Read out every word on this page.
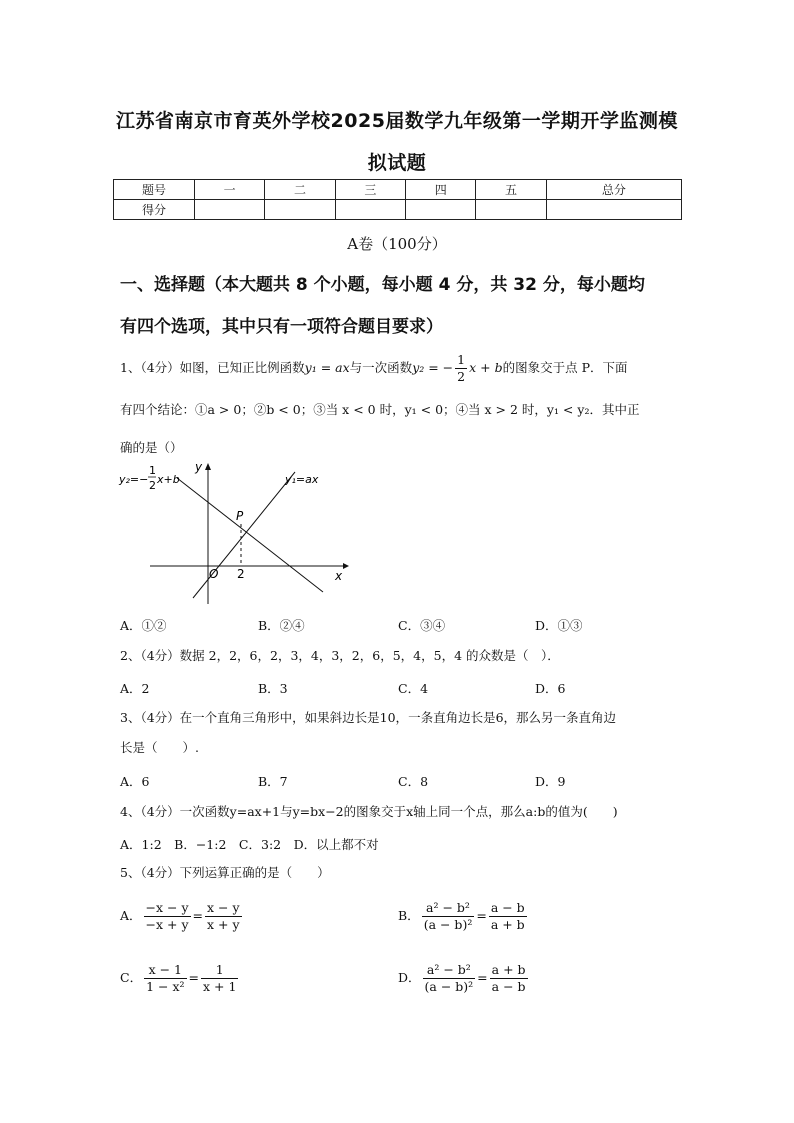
江苏省南京市育英外学校2025届数学九年级第一学期开学监测模
拟试题
题号	一	二	三	四	五	总分
得分						
A卷（100分）
一、选择题（本大题共 8 个小题，每小题 4 分，共 32 分，每小题均
有四个选项，其中只有一项符合题目要求）
1、（4分）如图，已知正比例函数y₁ = ax与一次函数y₂ = − $\frac{1}{2}$ x + b的图象交于点 P．下面
有四个结论：①a > 0；②b < 0；③当 x < 0 时，y₁ < 0；④当 x > 2 时，y₁ < y₂．其中正
确的是（）
y₂=−
1
2 x+b	y₁=ax
y
x
O
P
2
A．①②	B．②④	C．③④	D．①③
2、（4分）数据 2，2，6，2，3，4，3，2，6，5，4，5，4 的众数是（　）．
A．2	B．3	C．4	D．6
3、（4分）在一个直角三角形中，如果斜边长是10，一条直角边长是6，那么另一条直角边
长是（　　）.
A．6	B．7	C．8	D．9
4、（4分）一次函数y=ax+1与y=bx−2的图象交于x轴上同一个点，那么a:b的值为(　　)
A．1:2　B．−1:2　C．3:2　D．以上都不对
5、（4分）下列运算正确的是（　　）
A． $\frac{-x - y}{-x + y} = \frac{x - y}{x + y}$	B． $\frac{\text{a² − b²}}{\text{(a − b)²}} = \frac{a - b}{a + b}$
C． $\frac{x - 1}{\text{1 − x²}} = \frac{1}{x + 1}$	D． $\frac{\text{a² − b²}}{\text{(a − b)²}} = \frac{a + b}{a - b}$
